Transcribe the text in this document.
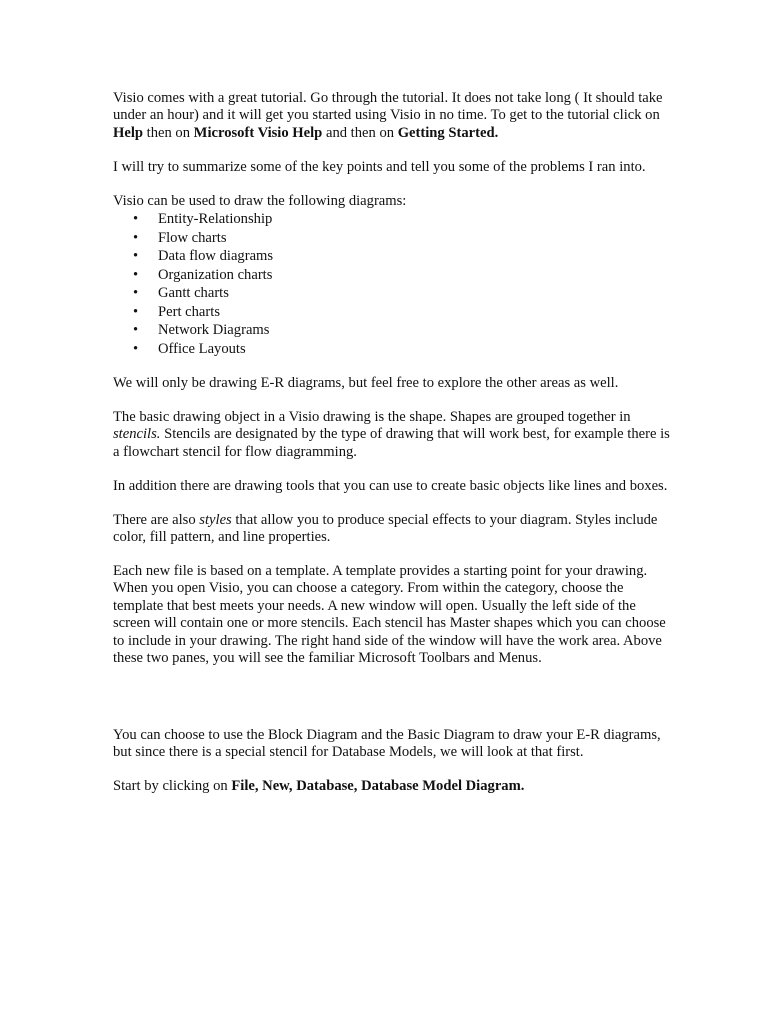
Visio comes with a great tutorial. Go through the tutorial. It does not take long ( It should take under an hour) and it will get you started using Visio in no time. To get to the tutorial click on Help then on Microsoft Visio Help and then on Getting Started.

I will try to summarize some of the key points and tell you some of the problems I ran into.

Visio can be used to draw the following diagrams:

• Entity-Relationship
• Flow charts
• Data flow diagrams
• Organization charts
• Gantt charts
• Pert charts
• Network Diagrams
• Office Layouts

We will only be drawing E-R diagrams, but feel free to explore the other areas as well.

The basic drawing object in a Visio drawing is the shape. Shapes are grouped together in stencils. Stencils are designated by the type of drawing that will work best, for example there is a flowchart stencil for flow diagramming.

In addition there are drawing tools that you can use to create basic objects like lines and boxes.

There are also styles that allow you to produce special effects to your diagram. Styles include color, fill pattern, and line properties.

Each new file is based on a template. A template provides a starting point for your drawing. When you open Visio, you can choose a category. From within the category, choose the template that best meets your needs. A new window will open. Usually the left side of the screen will contain one or more stencils. Each stencil has Master shapes which you can choose to include in your drawing. The right hand side of the window will have the work area. Above these two panes, you will see the familiar Microsoft Toolbars and Menus.

You can choose to use the Block Diagram and the Basic Diagram to draw your E-R diagrams, but since there is a special stencil for Database Models, we will look at that first.

Start by clicking on File, New, Database, Database Model Diagram.
